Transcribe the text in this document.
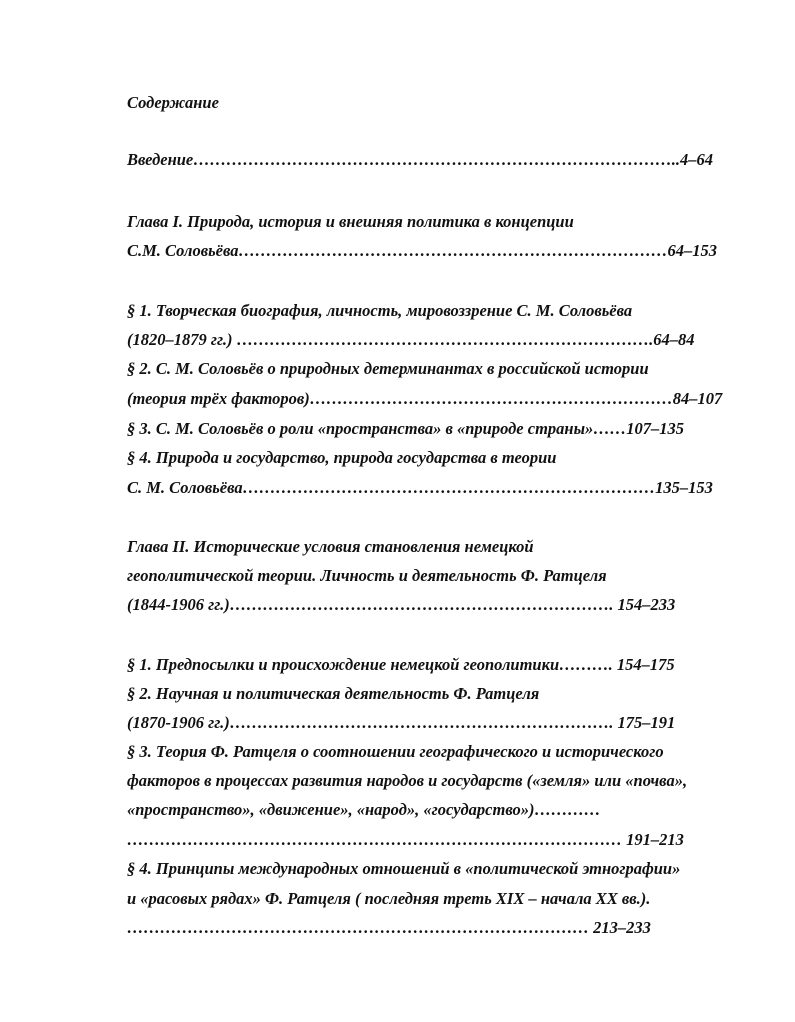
Содержание
Введение……………………………………………………………………………..4–64
Глава I. Природа, история и внешняя политика в концепции
С.М. Соловьёва……………………………………………………………………64–153
§ 1. Творческая биография, личность, мировоззрение С. М. Соловьёва
(1820–1879 гг.) ………………………………………………………………….64–84
§ 2. С. М. Соловьёв о природных детерминантах в российской истории
(теория трёх факторов)…………………………………………………………84–107
§ 3. С. М. Соловьёв о роли «пространства» в «природе страны»……107–135
§ 4. Природа и государство, природа государства в теории
С. М. Соловьёва…………………………………………………………………135–153
Глава II. Исторические условия становления немецкой
геополитической теории. Личность и деятельность Ф. Ратцеля
(1844-1906 гг.)……………………………………………………………. 154–233
§ 1. Предпосылки и происхождение немецкой геополитики………. 154–175
§ 2. Научная и политическая деятельность Ф. Ратцеля
(1870-1906 гг.)……………………………………………………………. 175–191
§ 3. Теория Ф. Ратцеля о соотношении географического и исторического
факторов в процессах развития народов и государств («земля» или «почва»,
«пространство», «движение», «народ», «государство»)…………
……………………………………………………………………………… 191–213
§ 4. Принципы международных отношений в «политической этнографии»
и «расовых рядах» Ф. Ратцеля ( последняя треть XIX – начала XX вв.).
………………………………………………………………………… 213–233
